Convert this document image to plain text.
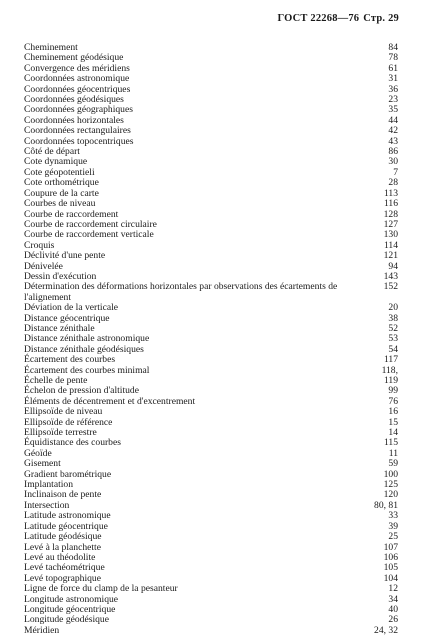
ГОСТ 22268—76 Стр. 29
Cheminement	84
Cheminement géodésique	78
Convergence des méridiens	61
Coordonnées astronomique	31
Coordonnées géocentriques	36
Coordonnées géodésiques	23
Coordonnées géographiques	35
Coordonnées horizontales	44
Coordonnées rectangulaires	42
Coordonnées topocentriques	43
Côté de départ	86
Cote dynamique	30
Cote géopotentieli	7
Cote orthométrique	28
Coupure de la carte	113
Courbes de niveau	116
Courbe de raccordement	128
Courbe de raccordement circulaire	127
Courbe de raccordement verticale	130
Croquis	114
Déclivité d'une pente	121
Dénivelée	94
Dessin d'exécution	143
Détermination des déformations horizontales par observations des écartements de l'alignement
152
Déviation de la verticale	20
Distance géocentrique	38
Distance zénithale	52
Distance zénithale astronomique	53
Distance zénithale géodésiques	54
Écartement des courbes	117
Écartement des courbes minimal	118,
Échelle de pente	119
Échelon de pression d'altitude	99
Éléments de décentrement et d'excentrement	76
Ellipsoïde de niveau	16
Ellipsoïde de référence	15
Ellipsoïde terrestre	14
Équidistance des courbes	115
Géoïde	11
Gisement	59
Gradient barométrique	100
Implantation	125
Inclinaison de pente	120
Intersection	80, 81
Latitude astronomique	33
Latitude géocentrique	39
Latitude géodésique	25
Levé à la planchette	107
Levé au théodolite	106
Levé tachéométrique	105
Levé topographique	104
Ligne de force du clamp de la pesanteur	12
Longitude astronomique	34
Longitude géocentrique	40
Longitude géodésique	26
Méridien	24, 32
